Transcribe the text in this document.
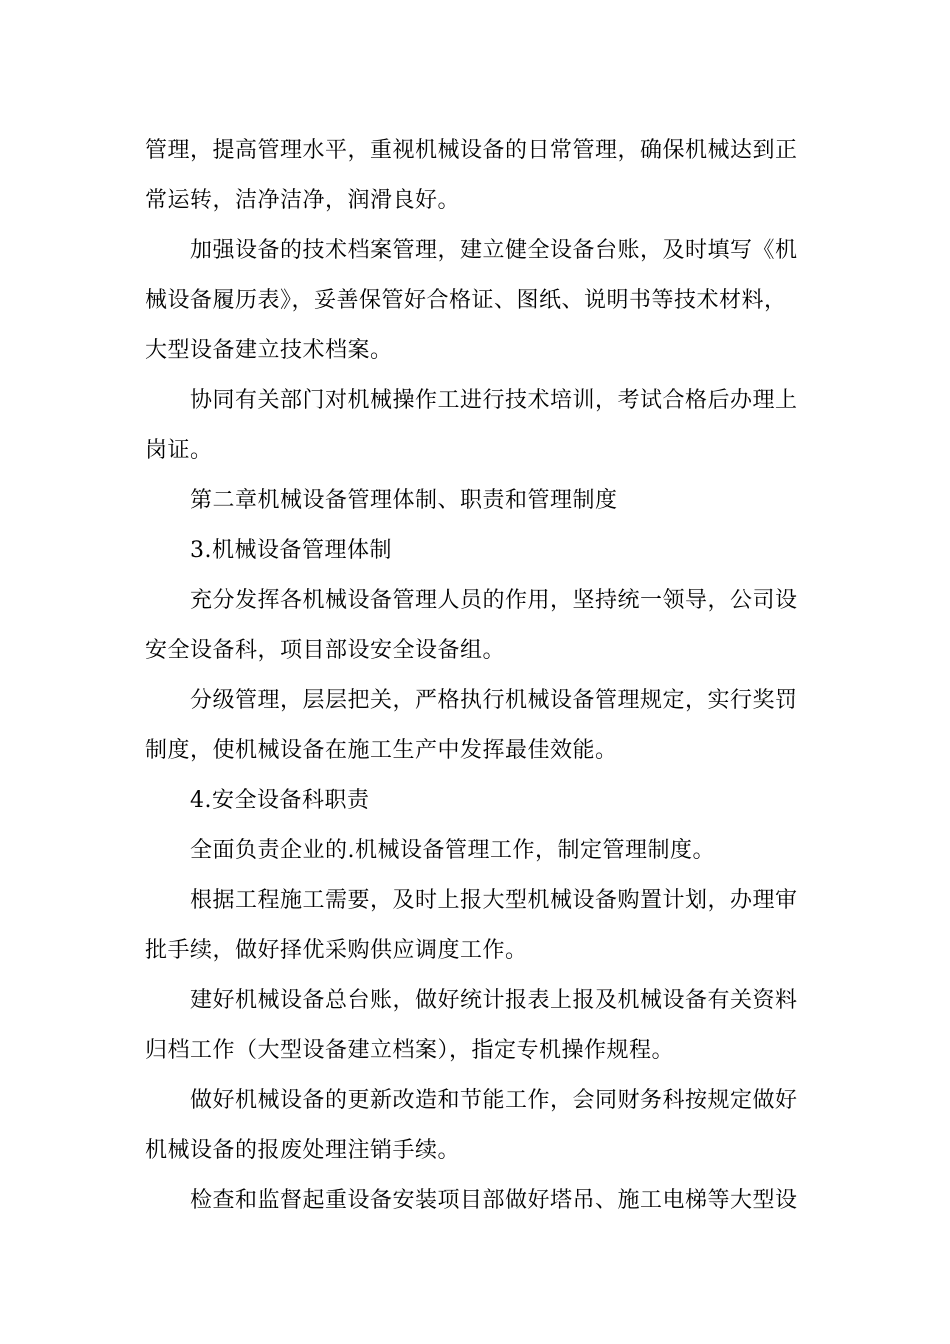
管理，提高管理水平，重视机械设备的日常管理，确保机械达到正
常运转，洁净洁净，润滑良好。
加强设备的技术档案管理，建立健全设备台账，及时填写《机
械设备履历表》，妥善保管好合格证、图纸、说明书等技术材料，
大型设备建立技术档案。
协同有关部门对机械操作工进行技术培训，考试合格后办理上
岗证。
第二章机械设备管理体制、职责和管理制度
3.机械设备管理体制
充分发挥各机械设备管理人员的作用，坚持统一领导，公司设
安全设备科，项目部设安全设备组。
分级管理，层层把关，严格执行机械设备管理规定，实行奖罚
制度，使机械设备在施工生产中发挥最佳效能。
4.安全设备科职责
全面负责企业的.机械设备管理工作，制定管理制度。
根据工程施工需要，及时上报大型机械设备购置计划，办理审
批手续，做好择优采购供应调度工作。
建好机械设备总台账，做好统计报表上报及机械设备有关资料
归档工作（大型设备建立档案），指定专机操作规程。
做好机械设备的更新改造和节能工作，会同财务科按规定做好
机械设备的报废处理注销手续。
检查和监督起重设备安装项目部做好塔吊、施工电梯等大型设
